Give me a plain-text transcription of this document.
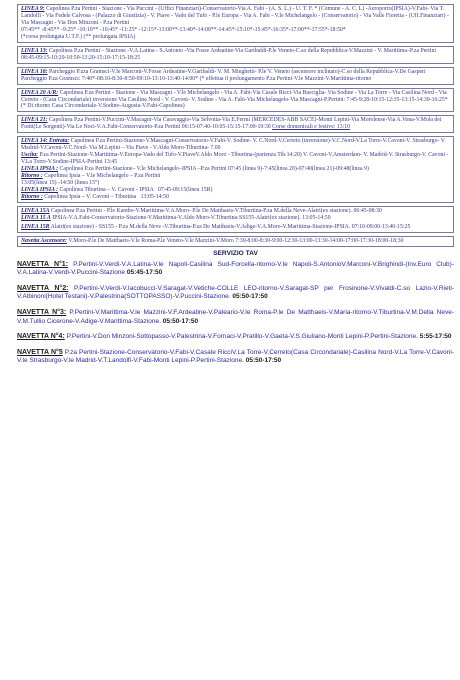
LINEA 9: Capolinea P.za Pertini - Stazione - Via Puccini - (Uffici Finanziari)-Conservatorio-Via A. Fabi - (A. S. L.) - U. T. F. * (Comune - A. C. L) -Aeroporto(IPSIA)-V.Fabi- Via T. Landolfi - Via Fedele Calvosa - (Palazzo di Giustizia) - V. Piave - Vado del Tufo - P.le Europa - Via A. Fabi - V.le Michelangelo - (Conservatorio) - Via Valle Fioretta - (Uff.Finanziari) - Via Mascagni - Via Don Minzoni - P.za Pertini

07:45** -8:45** -9:25* -10:10** -10:45* -11:25* -12:15*-13:00**-13:40*-14:00**-14:45*-15:10*-15:45*-16:35*-17:00**-17:55*-18:50*

(*corsa prolungata U.T.F.) (** prolungata IPSIA)

LINEA 13: Capolinea P.za Pertini – Stazione -V.A.Latina - S.Antonio -Via Fosse Ardeatine-Via Garibaldi-P.le Veneto-C.so della Repubblica-V.Mazzini - V. Marittima–P.za Pertini 08:45-09:15-10:20-10:50-13:20-15:10-17:15-18:25

LINEA 18: Parcheggio P.zza Gramsci-V.le Marconi-V.Fosse Ardeatine-V.Garibaldi- V. M. Minghetti- P.le V. Veneto (ascensore inclinato)-C.so della Repubblica-V.De Gasperi Parcheggio P.za Gramsci: 7:40*-08:10-8:30-8:50-09:10-13:10-13:40-14:00* (* effettua il prolungamento P.za Pertini-V.le Mazzini-V.Marittima-ritorno

LINEA 20 A/R: Capolinea P.za Pertini - Stazione - Via Mascagni - V.le Michelangelo - Via A. Fabi-Via Casale Ricci-Via Busciglia- Via Sodine - Via La Torre - Via Casilina Nord - Via Cerreto - (Casa Circondariale) inversione Via Casilina Nord - V. Cavoni- V. Sodine - Via A. Fabi-Via Michelangelo-Via Mascagni-P.Pertini: 7:45-9:28-10:15-12:35-13:15-14:30-16:25*

(* Di ritorno Casa Circondariale-V.Sodine-Augusta-V.Fabi-Capolinea)

LINEA 21: Capolinea P.za Pertini-V.Puccini-V.Macagni-Via Caravaggio-Via Selvotta-Via E.Fermi (MERCEDES-ABB SACE)-Monti Lepini-Via Morolense-Via A.Vona-V.Mola dei Fratti(Le Sorgenti)-Via Le Noci-V.A.Fabi-Conservatorio-P.za Pertini 06:15-07:40-10:05-15:15-17:00-19:30 Corse domenicali e festive: 13:10

LINEA 14: Entrata: Capolinea P.za Pertini-Stazione-V.Mascagni-Conservatorio-V.Fabi-V. Sodine- V. C.Nord-V.Cerreto (inversione)-V.C.Nord-V.La Torre-V.Cavoni-V. Strasburgo- V. Madrid-V.Cavoni-V.C.Nord- Via M.Lepini – Via Piave - V.Aldo Moro-Tiburtina- 7.00

Uscita: P.za Pertini-Stazione-V.Marittima-V.Europa-Vado del Tufo-V.PiaveV.Aldo Moro - Tiburtina-(partenza Tib.14:20) V. Cavoni-V.Amsterdam- V. Madrid-V. Strasburgo-V. Cavoni - V.La Torre-V.Sodine-IPSIA-Pertini 13:45

LINEA IPSIA : Capolinea P.za Pertini-Stazione– V.le Michelangelo–IPSIA –P.za Pertini 07:45 (linea 9)-7:45(linea 20)-07:40(linea 21)-09:48(linea 9)

Ritorno : Capolinea Ipsia – V.le Michelangelo – P.za Pertini

13:05(linea 15) -14:50 (linea 15°)

LINEA IPSIA : Capolinea Tiburtina – V. Cavoni - IPSIA 07:45-09:15(linea 15R)

Ritorno : Capolinea Ipsia – V. Cavoni – Tiburtina 13:05-14:50

LINEA 15A Capolinea P.za Pertini - P.le Kambo-V.Marittima-V.A.Moro- P.le De Matthaeis-V.Tiburtina-P.za M.della Neve-Alatri(ex stazione). 06:45-08:30

LINEA 15 A IPSIA-V.A.Fabi-Conservatorio-Stazione-V.Marittima-V.Aldo Moro-V.Tiburtina-SS155-Alatri(ex stazione). 13:05-14:50

LINEA 15R Alatri(ex stazione) - SS155 - P.za M.della Neve -V.Tiburtina-P.za De Matthaeis-V.Adige-V.A.Moro-V.Marittima-Stazione-IPSIA. 07:10-09:00-13:40-15:25

Navetta Ascensore: V.Moro-P.le De Matthaeis-V.le Roma-P.le Veneto-V.le Mazzini-V.Moro 7:30-8:00-8:30-9:00-12:30-13:00-13:30-14:00-17:00-17:30-18:00-18:30

SERVIZIO TAV

NAVETTA N°1: P.Pertini-V.Verdi-V.A.Latina-V.le Napoli-Casilina Sud-Forcella-ritorno-V.le Napoli-S.AntonioV.Marconi-V.Brighindi-(Inv.Euro Club)-V.A.Latina-V.Verdi-V.Puccini-Stazione 05:45-17:50

NAVETTA N°2: P.Pertini-V.Verdi-V.Iacobucci-V.Saragat-V.Vetiche-COLLE LEO-ritorno-V.Saragat-SP per Frosinone-V.Vivaldi-C.so Lazio-V.Rieti-V.Albinoni(Hotel Testani)-V.Palestrina(SOTTOPASSO)-V.Puccini-Stazione. 05:50-17:50

NAVETTA N°3: P.Pertini-V.Marittima-V.le Mazzini-V.F.Ardeatine-V.Paleario-V.le Roma-P.le De Matthaeis-V.Maria-ritorno-V.Tiburtina-V.M.Della Neve-V.M.Tullio Cicerone-V.Adige-V.Marittima-Stazione. 05:50-17:50

NAVETTA N°4: P.Pertini-V.Don Minzoni-Sottopasso-V.Palestrina-V.Fornaci-V.Pratillo-V.Gaeta-V.S.Giuliano-Monti Lepini-P.Pertini-Stazione. 5:55-17:50

NAVETTA N°5 P.za Pertini-Stazione-Conservatorio-V.Fabi-V.Casale RicciV.La Torre-V.Cerreto(Casa Circondariale)-Casilina Nord-V.La Torre-V.Cavoni-V.le Strasburgo-V.le Madrid-V.T.Landolfi-V.Fabi-Monti Lepini-P.Pertini-Stazione. 05:50-17:50
